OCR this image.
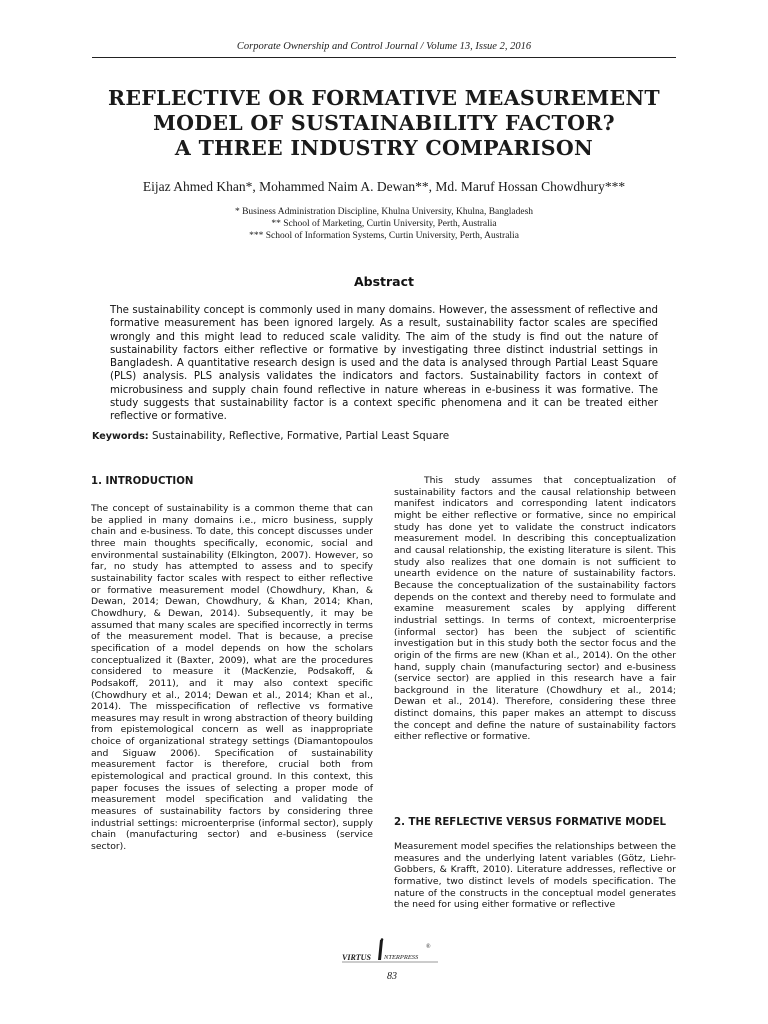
Corporate Ownership and Control Journal / Volume 13, Issue 2, 2016
REFLECTIVE OR FORMATIVE MEASUREMENT
MODEL OF SUSTAINABILITY FACTOR?
A THREE INDUSTRY COMPARISON
Eijaz Ahmed Khan*, Mohammed Naim A. Dewan**, Md. Maruf Hossan Chowdhury***
* Business Administration Discipline, Khulna University, Khulna, Bangladesh
** School of Marketing, Curtin University, Perth, Australia
*** School of Information Systems, Curtin University, Perth, Australia
Abstract
The sustainability concept is commonly used in many domains. However, the assessment of reflective and formative measurement has been ignored largely. As a result, sustainability factor scales are specified wrongly and this might lead to reduced scale validity. The aim of the study is find out the nature of sustainability factors either reflective or formative by investigating three distinct industrial settings in Bangladesh. A quantitative research design is used and the data is analysed through Partial Least Square (PLS) analysis. PLS analysis validates the indicators and factors. Sustainability factors in context of microbusiness and supply chain found reflective in nature whereas in e-business it was formative. The study suggests that sustainability factor is a context specific phenomena and it can be treated either reflective or formative.
Keywords: Sustainability, Reflective, Formative, Partial Least Square
1. INTRODUCTION

The concept of sustainability is a common theme that can be applied in many domains i.e., micro business, supply chain and e-business. To date, this concept discusses under three main thoughts specifically, economic, social and environmental sustainability (Elkington, 2007). However, so far, no study has attempted to assess and to specify sustainability factor scales with respect to either reflective or formative measurement model (Chowdhury, Khan, & Dewan, 2014; Dewan, Chowdhury, & Khan, 2014; Khan, Chowdhury, & Dewan, 2014). Subsequently, it may be assumed that many scales are specified incorrectly in terms of the measurement model. That is because, a precise specification of a model depends on how the scholars conceptualized it (Baxter, 2009), what are the procedures considered to measure it (MacKenzie, Podsakoff, & Podsakoff, 2011), and it may also context specific (Chowdhury et al., 2014; Dewan et al., 2014; Khan et al., 2014). The misspecification of reflective vs formative measures may result in wrong abstraction of theory building from epistemological concern as well as inappropriate choice of organizational strategy settings (Diamantopoulos and Siguaw 2006). Specification of sustainability measurement factor is therefore, crucial both from epistemological and practical ground. In this context, this paper focuses the issues of selecting a proper mode of measurement model specification and validating the measures of sustainability factors by considering three industrial settings: microenterprise (informal sector), supply chain (manufacturing sector) and e-business (service sector).

This study assumes that conceptualization of sustainability factors and the causal relationship between manifest indicators and corresponding latent indicators might be either reflective or formative, since no empirical study has done yet to validate the construct indicators measurement model. In describing this conceptualization and causal relationship, the existing literature is silent. This study also realizes that one domain is not sufficient to unearth evidence on the nature of sustainability factors. Because the conceptualization of the sustainability factors depends on the context and thereby need to formulate and examine measurement scales by applying different industrial settings. In terms of context, microenterprise (informal sector) has been the subject of scientific investigation but in this study both the sector focus and the origin of the firms are new (Khan et al., 2014). On the other hand, supply chain (manufacturing sector) and e-business (service sector) are applied in this research have a fair background in the literature (Chowdhury et al., 2014; Dewan et al., 2014). Therefore, considering these three distinct domains, this paper makes an attempt to discuss the concept and define the nature of sustainability factors either reflective or formative.

2. THE REFLECTIVE VERSUS FORMATIVE MODEL

Measurement model specifies the relationships between the measures and the underlying latent variables (Götz, Liehr-Gobbers, & Krafft, 2010). Literature addresses, reflective or formative, two distinct levels of models specification. The nature of the constructs in the conceptual model generates the need for using either formative or reflective

VIRTUS NTERPRESS
®
83
